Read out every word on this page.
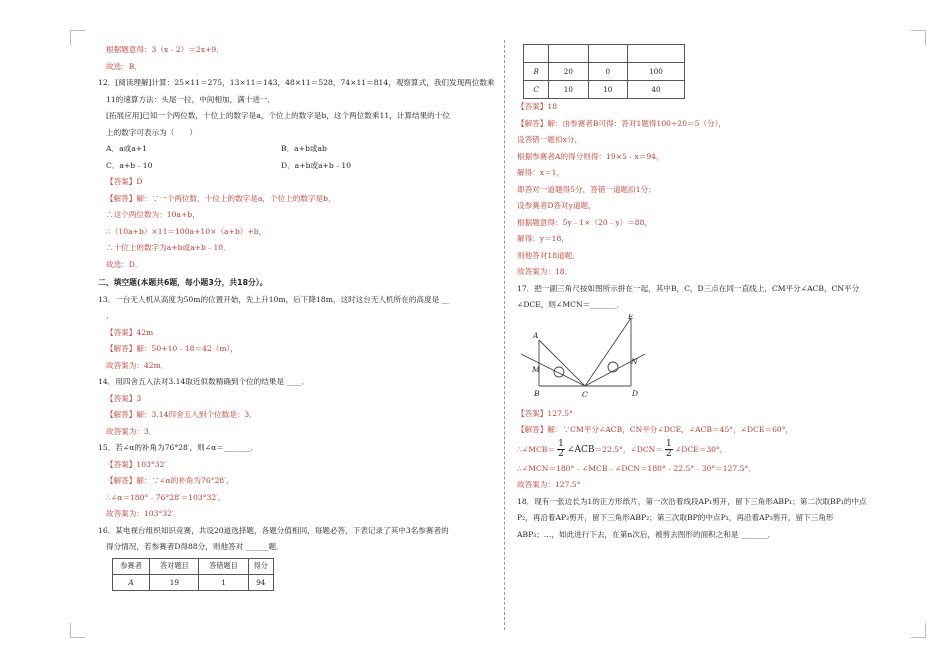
根据题意得：3（x﹣2）＝2x+9．
故选：B．
12．[阅读理解]计算：25×11＝275，13×11＝143，48×11＝528，74×11＝814，观察算式，我们发现两位数乘
11的速算方法：头尾一拉，中间相加，满十进一．
[拓展应用]已知一个两位数，十位上的数字是a，个位上的数字是b，这个两位数乘11，计算结果的十位
上的数字可表示为（　　）
A．a或a+1	B．a+b或ab
C．a+b﹣10	D．a+b或a+b﹣10
【答案】D
【解答】解：∵一个两位数，十位上的数字是a，个位上的数字是b，
∴这个两位数为：10a+b，
∴（10a+b）×11＝100a+10×（a+b）+b，
∴十位上的数字为a+b或a+b﹣10．
故选：D．
二、填空题(本题共6题，每小题3分，共18分）。
13．一台无人机从高度为50m的位置开始，先上升10m，后下降18m，这时这台无人机所在的高度是 __
．
【答案】42m
【解答】解：50+10﹣18＝42（m），
故答案为：42m．
14．用四舍五入法对3.14取近似数精确到个位的结果是 ____．
【答案】3
【解答】解：3.14四舍五入到个位数是：3．
故答案为：3．
15．若∠α的补角为76°28′，则∠α＝_______．
【答案】103°32′
【解答】解：∵∠α的补角为76°28′，
∴∠α＝180°﹣76°28′＝103°32′，
故答案为：103°32′．
16．某电视台组织知识竞赛，共设20道选择题，各题分值相同，每题必答，下表记录了其中3名参赛者的
得分情况，若参赛者D得88分，则他答对 ______题．
参赛者	答对题目	答错题目	得分
A	19	1	94

B	20	0	100
C	10	10	40
【答案】18
【解答】解：由参赛者B可得：答对1题得100÷20＝5（分），
设答错一题扣x分，
根据参赛者A的得分则得：19×5﹣x＝94，
解得：x＝1，
即答对一道题得5分，答错一道题扣1分；
设参赛者D答对y道题，
根据题意得：5y﹣1×（20﹣y）＝88，
解得：y＝18，
则他答对18道题．
故答案为：18．
17．把一副三角尺按如图所示拼在一起，其中B，C，D三点在同一直线上，CM平分∠ACB，CN平分
∠DCE，则∠MCN＝_______．
A
B	C	D
E
M
N
【答案】127.5°
【解答】解：∵CM平分∠ACB，CN平分∠DCE，∠ACB＝45°，∠DCE＝60°，
∴∠MCB＝ $\frac{1}{2}$ ∠ACB＝22.5°，∠DCN＝ $\frac{1}{2}$ ∠DCE＝30°，
∴∠MCN＝180°﹣∠MCB﹣∠DCN＝180°﹣22.5°﹣30°＝127.5°．
故答案为：127.5°
18．现有一张边长为1的正方形纸片，第一次沿着线段AP₁剪开，留下三角形ABP₁；第二次取BP₁的中点
P₂，再沿着AP₂剪开，留下三角形ABP₂；第三次取BP的中点P₃，再沿着AP₃剪开，留下三角形
ABP₃；…，如此进行下去，在第n次后，被剪去图形的面积之和是 _______．
